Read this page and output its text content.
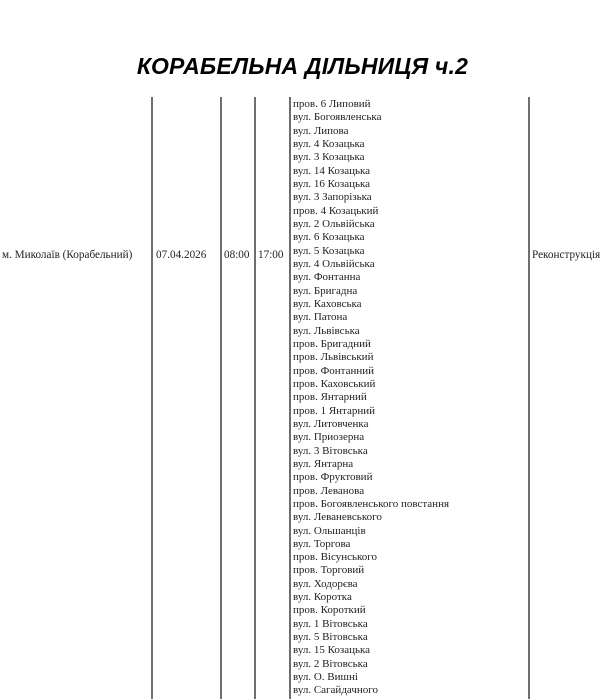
КОРАБЕЛЬНА ДІЛЬНИЦЯ ч.2
м. Миколаїв (Корабельний) 07.04.2026 08:00 17:00	Реконструкція
пров. 6 Липовий
вул. Богоявленська
вул. Липова
вул. 4 Козацька
вул. 3 Козацька
вул. 14 Козацька
вул. 16 Козацька
вул. 3 Запорізька
пров. 4 Козацький
вул. 2 Ольвійська
вул. 6 Козацька
вул. 5 Козацька
вул. 4 Ольвійська
вул. Фонтанна
вул. Бригадна
вул. Каховська
вул. Патона
вул. Львівська
пров. Бригадний
пров. Львівський
пров. Фонтанний
пров. Каховський
пров. Янтарний
пров. 1 Янтарний
вул. Литовченка
вул. Приозерна
вул. 3 Вітовська
вул. Янтарна
пров. Фруктовий
пров. Леванова
пров. Богоявленського повстання
вул. Леваневського
вул. Ольшанців
вул. Торгова
пров. Вісунського
пров. Торговий
вул. Ходорєва
вул. Коротка
пров. Короткий
вул. 1 Вітовська
вул. 5 Вітовська
вул. 15 Козацька
вул. 2 Вітовська
вул. О. Вишні
вул. Сагайдачного
